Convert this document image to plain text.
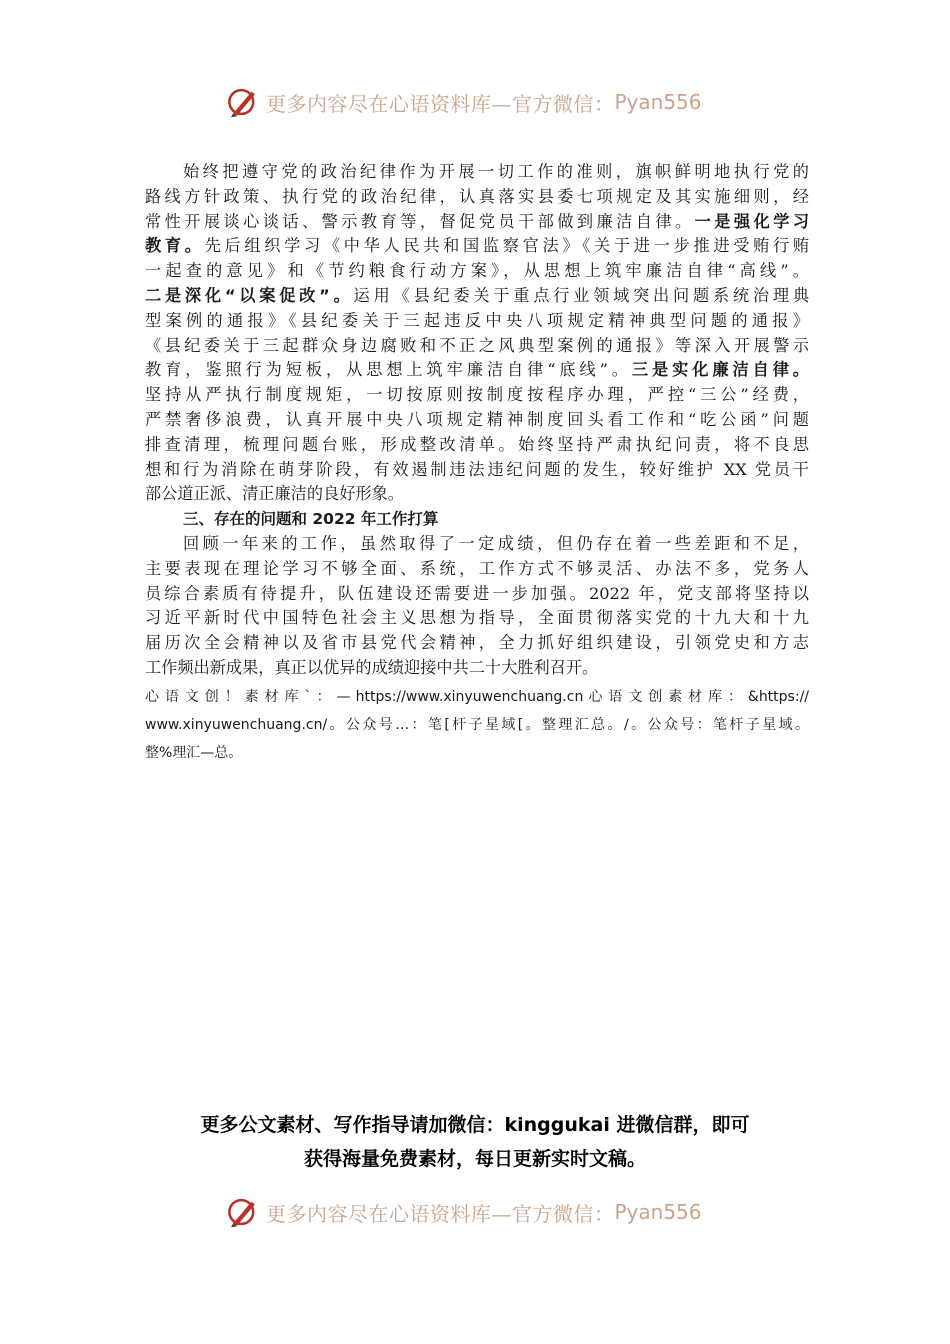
更多内容尽在心语资料库—官方微信： Pyan556
始终把遵守党的政治纪律作为开展一切工作的准则，旗帜鲜明地执行党的
路线方针政策、执行党的政治纪律，认真落实县委七项规定及其实施细则，经
常性开展谈心谈话、警示教育等，督促党员干部做到廉洁自律。一是强化学习
教育。先后组织学习《中华人民共和国监察官法》《关于进一步推进受贿行贿
一起查的意见》和《节约粮食行动方案》，从思想上筑牢廉洁自律“高线”。
二是深化“以案促改”。运用《县纪委关于重点行业领域突出问题系统治理典
型案例的通报》《县纪委关于三起违反中央八项规定精神典型问题的通报》
《县纪委关于三起群众身边腐败和不正之风典型案例的通报》等深入开展警示
教育，鉴照行为短板，从思想上筑牢廉洁自律“底线”。三是实化廉洁自律。
坚持从严执行制度规矩，一切按原则按制度按程序办理，严控“三公”经费，
严禁奢侈浪费，认真开展中央八项规定精神制度回头看工作和“吃公函”问题
排查清理，梳理问题台账，形成整改清单。始终坚持严肃执纪问责，将不良思
想和行为消除在萌芽阶段，有效遏制违法违纪问题的发生，较好维护 XX 党员干
部公道正派、清正廉洁的良好形象。
三、存在的问题和 2022 年工作打算
回顾一年来的工作，虽然取得了一定成绩，但仍存在着一些差距和不足，
主要表现在理论学习不够全面、系统，工作方式不够灵活、办法不多，党务人
员综合素质有待提升，队伍建设还需要进一步加强。2022 年，党支部将坚持以
习近平新时代中国特色社会主义思想为指导，全面贯彻落实党的十九大和十九
届历次全会精神以及省市县党代会精神，全力抓好组织建设，引领党史和方志
工作频出新成果，真正以优异的成绩迎接中共二十大胜利召开。
心 语 文 创 ！ 素 材 库 ` ： — https://www.xinyuwenchuang.cn 心 语 文 创 素 材 库 ： &https://
www.xinyuwenchuang.cn/。公众号…：笔[杆子星域[。整理汇总。/。公众号：笔杆子星域。
整%理汇—总。
更多公文素材、写作指导请加微信：kinggukai 进微信群，即可
获得海量免费素材，每日更新实时文稿。
更多内容尽在心语资料库—官方微信： Pyan556
